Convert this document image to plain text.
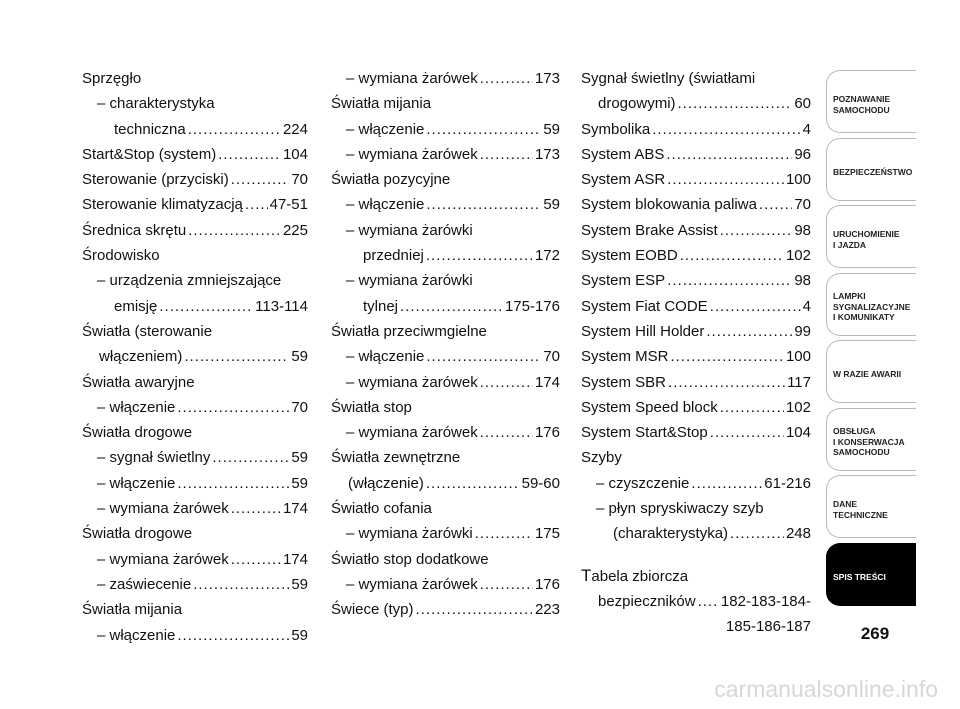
Sprzęgło
– charakterystyka
techniczna .....	224
Start&Stop (system) .....	104
Sterowanie (przyciski) .....	70
Sterowanie klimatyzacją ..... 47-51
Średnica skrętu .....	225
Środowisko
– urządzenia zmniejszające
emisję .....	113-114
Światła (sterowanie
włączeniem) .....	59
Światła awaryjne
– włączenie .....	70
Światła drogowe
– sygnał świetlny .....	59
– włączenie .....	59
– wymiana żarówek .....	174
Światła drogowe
– wymiana żarówek .....	174
– zaświecenie .....	59
Światła mijania
– włączenie .....	59
– wymiana żarówek .....	173
Światła mijania
– włączenie .....	59
– wymiana żarówek .....	173
Światła pozycyjne
– włączenie .....	59
– wymiana żarówki
przedniej .....	172
– wymiana żarówki
tylnej .....	175-176
Światła przeciwmgielne
– włączenie .....	70
– wymiana żarówek .....	174
Światła stop
– wymiana żarówek .....	176
Światła zewnętrzne
(włączenie) .....	59-60
Światło cofania
– wymiana żarówki .....	175
Światło stop dodatkowe
– wymiana żarówek .....	176
Świece (typ) .....	223
Sygnał świetlny (światłami
drogowymi) .....	60
Symbolika .....	4
System ABS .....	96
System ASR .....	100
System blokowania paliwa ..... 70
System Brake Assist .....	98
System EOBD .....	102
System ESP .....	98
System Fiat CODE .....	4
System Hill Holder .....	99
System MSR .....	100
System SBR .....	117
System Speed block .....	102
System Start&Stop .....	104
Szyby
– czyszczenie .....	61-216
– płyn spryskiwaczy szyb
(charakterystyka) .....	248
T abela zbiorcza
bezpieczników ..... 182-183-184-
185-186-187
POZNAWANIE
SAMOCHODU
BEZPIECZEŃSTWO
URUCHOMIENIE
I JAZDA
LAMPKI
SYGNALIZACYJNE
I KOMUNIKATY
W RAZIE AWARII
OBSŁUGA
I KONSERWACJA
SAMOCHODU
DANE
TECHNICZNE
SPIS TREŚCI
269
carmanualsonline.info
